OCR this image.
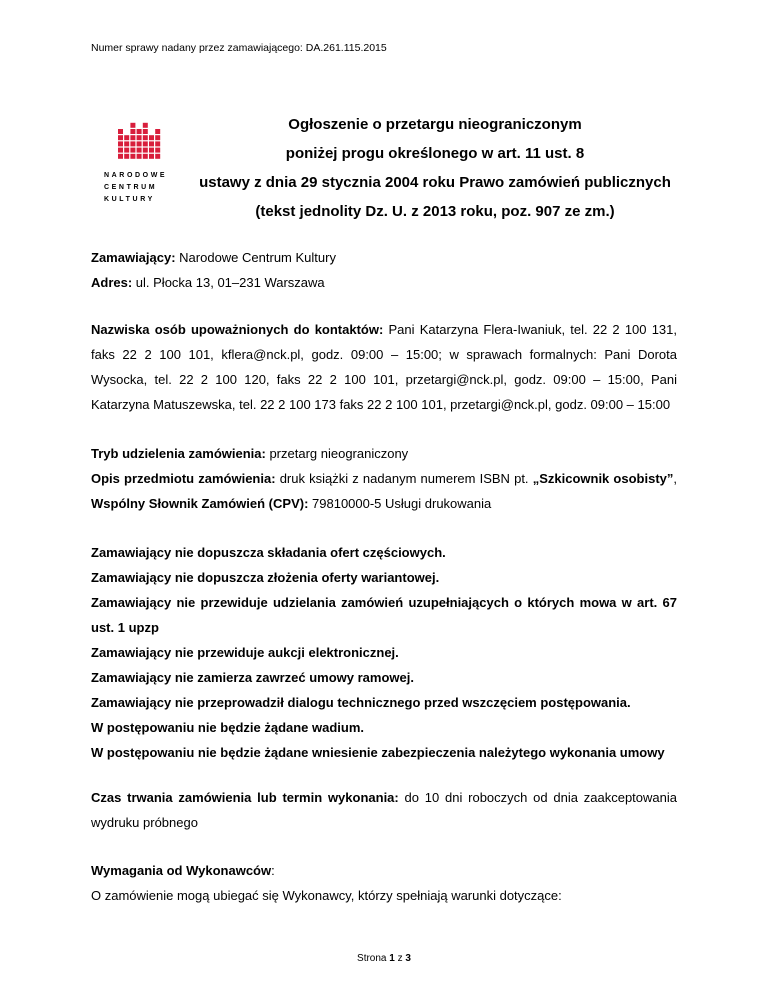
Numer sprawy nadany przez zamawiającego: DA.261.115.2015
NARODOWE
CENTRUM
KULTURY
Ogłoszenie o przetargu nieograniczonym
poniżej progu określonego w art. 11 ust. 8
ustawy z dnia 29 stycznia 2004 roku Prawo zamówień publicznych
(tekst jednolity Dz. U. z 2013 roku, poz. 907 ze zm.)

Zamawiający: Narodowe Centrum Kultury

Adres: ul. Płocka 13, 01–231 Warszawa

Nazwiska osób upoważnionych do kontaktów: Pani Katarzyna Flera-Iwaniuk, tel. 22 2 100 131, faks 22 2 100 101, kflera@nck.pl, godz. 09:00 – 15:00; w sprawach formalnych: Pani Dorota Wysocka, tel. 22 2 100 120, faks 22 2 100 101, przetargi@nck.pl, godz. 09:00 – 15:00, Pani Katarzyna Matuszewska, tel. 22 2 100 173 faks 22 2 100 101, przetargi@nck.pl, godz. 09:00 – 15:00

Tryb udzielenia zamówienia: przetarg nieograniczony

Opis przedmiotu zamówienia: druk książki z nadanym numerem ISBN pt. „Szkicownik osobisty”, Wspólny Słownik Zamówień (CPV): 79810000-5 Usługi drukowania

Zamawiający nie dopuszcza składania ofert częściowych.

Zamawiający nie dopuszcza złożenia oferty wariantowej.

Zamawiający nie przewiduje udzielania zamówień uzupełniających o których mowa w art. 67 ust. 1 upzp

Zamawiający nie przewiduje aukcji elektronicznej.

Zamawiający nie zamierza zawrzeć umowy ramowej.

Zamawiający nie przeprowadził dialogu technicznego przed wszczęciem postępowania.

W postępowaniu nie będzie żądane wadium.

W postępowaniu nie będzie żądane wniesienie zabezpieczenia należytego wykonania umowy

Czas trwania zamówienia lub termin wykonania: do 10 dni roboczych od dnia zaakceptowania wydruku próbnego

Wymagania od Wykonawców:

O zamówienie mogą ubiegać się Wykonawcy, którzy spełniają warunki dotyczące:

Strona 1 z 3
